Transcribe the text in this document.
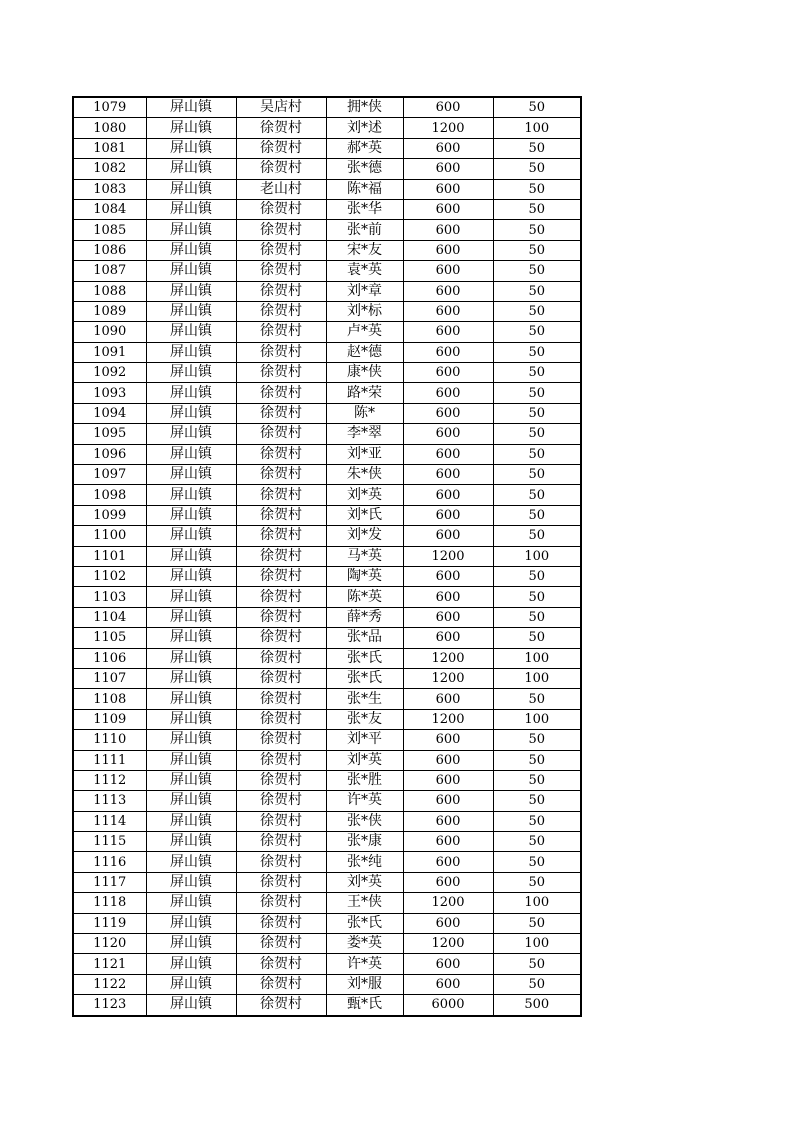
1079	屏山镇	吴店村	拥*侠	600	50
1080	屏山镇	徐贺村	刘*述	1200	100
1081	屏山镇	徐贺村	郝*英	600	50
1082	屏山镇	徐贺村	张*德	600	50
1083	屏山镇	老山村	陈*福	600	50
1084	屏山镇	徐贺村	张*华	600	50
1085	屏山镇	徐贺村	张*前	600	50
1086	屏山镇	徐贺村	宋*友	600	50
1087	屏山镇	徐贺村	袁*英	600	50
1088	屏山镇	徐贺村	刘*章	600	50
1089	屏山镇	徐贺村	刘*标	600	50
1090	屏山镇	徐贺村	卢*英	600	50
1091	屏山镇	徐贺村	赵*德	600	50
1092	屏山镇	徐贺村	康*侠	600	50
1093	屏山镇	徐贺村	路*荣	600	50
1094	屏山镇	徐贺村	陈*	600	50
1095	屏山镇	徐贺村	李*翠	600	50
1096	屏山镇	徐贺村	刘*亚	600	50
1097	屏山镇	徐贺村	朱*侠	600	50
1098	屏山镇	徐贺村	刘*英	600	50
1099	屏山镇	徐贺村	刘*氏	600	50
1100	屏山镇	徐贺村	刘*发	600	50
1101	屏山镇	徐贺村	马*英	1200	100
1102	屏山镇	徐贺村	陶*英	600	50
1103	屏山镇	徐贺村	陈*英	600	50
1104	屏山镇	徐贺村	薛*秀	600	50
1105	屏山镇	徐贺村	张*品	600	50
1106	屏山镇	徐贺村	张*氏	1200	100
1107	屏山镇	徐贺村	张*氏	1200	100
1108	屏山镇	徐贺村	张*生	600	50
1109	屏山镇	徐贺村	张*友	1200	100
1110	屏山镇	徐贺村	刘*平	600	50
1111	屏山镇	徐贺村	刘*英	600	50
1112	屏山镇	徐贺村	张*胜	600	50
1113	屏山镇	徐贺村	许*英	600	50
1114	屏山镇	徐贺村	张*侠	600	50
1115	屏山镇	徐贺村	张*康	600	50
1116	屏山镇	徐贺村	张*纯	600	50
1117	屏山镇	徐贺村	刘*英	600	50
1118	屏山镇	徐贺村	王*侠	1200	100
1119	屏山镇	徐贺村	张*氏	600	50
1120	屏山镇	徐贺村	娄*英	1200	100
1121	屏山镇	徐贺村	许*英	600	50
1122	屏山镇	徐贺村	刘*服	600	50
1123	屏山镇	徐贺村	甄*氏	6000	500
